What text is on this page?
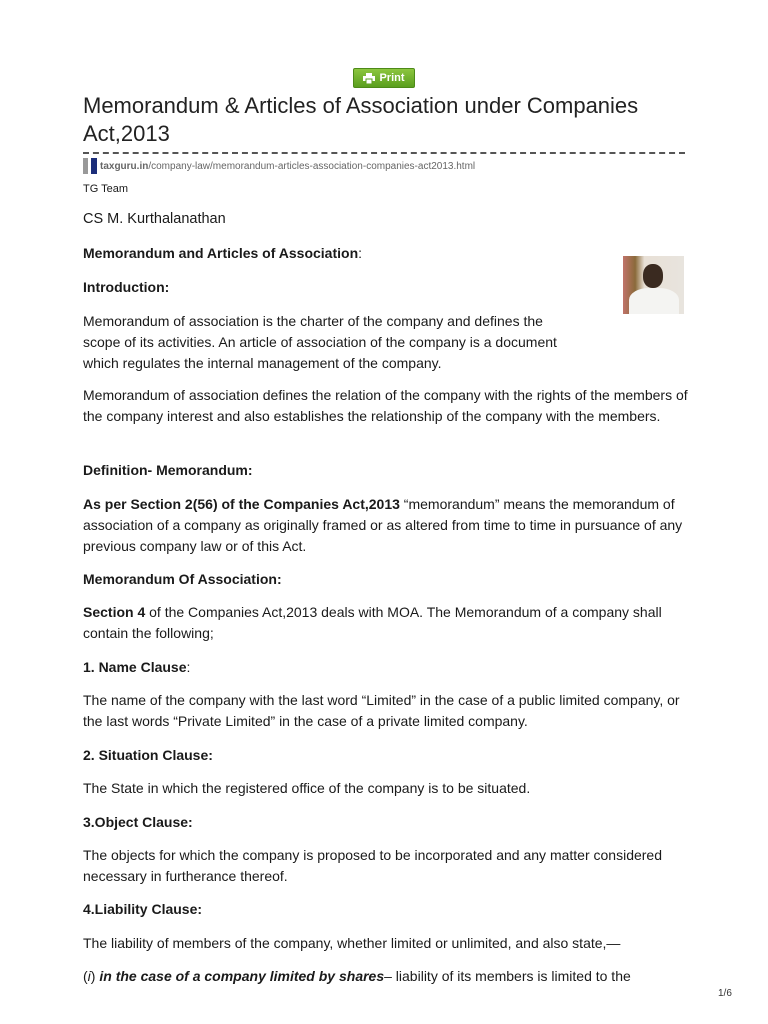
Print
Memorandum & Articles of Association under Companies Act,2013
taxguru.in /company-law/memorandum-articles-association-companies-act2013.html
TG Team

CS M. Kurthalanathan

Memorandum and Articles of Association:

Introduction:

Memorandum of association is the charter of the company and defines the scope of its activities. An article of association of the company is a document which regulates the internal management of the company.

Memorandum of association defines the relation of the company with the rights of the members of the company interest and also establishes the relationship of the company with the members.

Definition- Memorandum:

As per Section 2(56) of the Companies Act,2013 “memorandum” means the memorandum of association of a company as originally framed or as altered from time to time in pursuance of any previous company law or of this Act.

Memorandum Of Association:

Section 4 of the Companies Act,2013 deals with MOA. The Memorandum of a company shall contain the following;

1. Name Clause:

The name of the company with the last word “Limited” in the case of a public limited company, or the last words “Private Limited” in the case of a private limited company.

2. Situation Clause:

The State in which the registered office of the company is to be situated.

3.Object Clause:

The objects for which the company is proposed to be incorporated and any matter considered necessary in furtherance thereof.

4.Liability Clause:

The liability of members of the company, whether limited or unlimited, and also state,—

(i) in the case of a company limited by shares– liability of its members is limited to the

1/6
